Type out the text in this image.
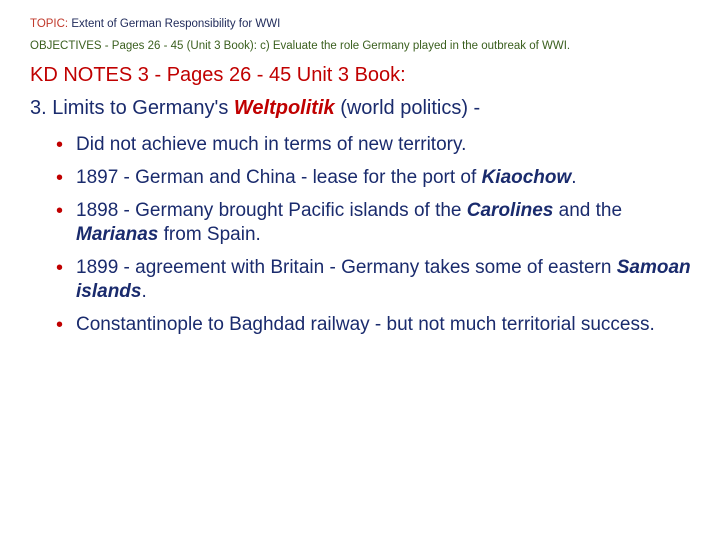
TOPIC: Extent of German Responsibility for WWI
OBJECTIVES - Pages 26 - 45 (Unit 3 Book): c) Evaluate the role Germany played in the outbreak of WWI.
KD NOTES 3 - Pages 26 - 45 Unit 3 Book:
3. Limits to Germany's Weltpolitik (world politics) -
• Did not achieve much in terms of new territory.
• 1897 - German and China - lease for the port of Kiaochow.
• 1898 - Germany brought Pacific islands of the Carolines and the Marianas from Spain.
• 1899 - agreement with Britain - Germany takes some of eastern Samoan islands.
• Constantinople to Baghdad railway - but not much territorial success.
